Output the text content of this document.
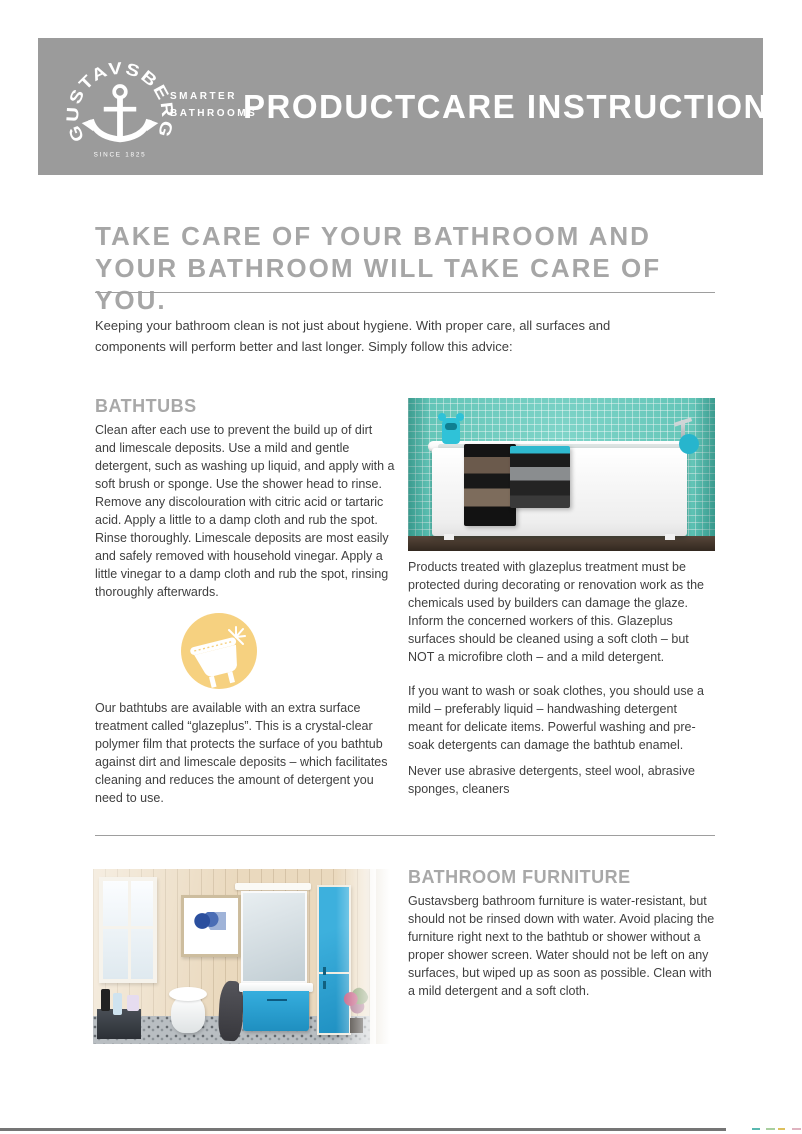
GUSTAVSBERG
SINCE 1825
SMARTER
BATHROOMS
PRODUCTCARE INSTRUCTIONS
TAKE CARE OF YOUR BATHROOM AND
YOUR BATHROOM WILL TAKE CARE OF YOU.

Keeping your bathroom clean is not just about hygiene. With proper care, all surfaces and components will perform better and last longer. Simply follow this advice:

BATHTUBS

Clean after each use to prevent the build up of dirt and limescale deposits. Use a mild and gentle detergent, such as washing up liquid, and apply with a soft brush or sponge. Use the shower head to rinse. Remove any discolouration with citric acid or tartaric acid. Apply a little to a damp cloth and rub the spot. Rinse thoroughly. Limescale deposits are most easily and safely removed with household vinegar. Apply a little vinegar to a damp cloth and rub the spot, rinsing thoroughly afterwards.

Our bathtubs are available with an extra surface treatment called “glazeplus”. This is a crystal-clear polymer film that protects the surface of you bathtub against dirt and limescale deposits – which facilitates cleaning and reduces the amount of detergent you need to use.

Products treated with glazeplus treatment must be protected during decorating or renovation work as the chemicals used by builders can damage the glaze. Inform the concerned workers of this. Glazeplus surfaces should be cleaned using a soft cloth – but NOT a microfibre cloth – and a mild detergent.

If you want to wash or soak clothes, you should use a mild – preferably liquid – handwashing detergent meant for delicate items. Powerful washing and pre-soak detergents can damage the bathtub enamel.

Never use abrasive detergents, steel wool, abrasive sponges, cleaners

BATHROOM FURNITURE

Gustavsberg bathroom furniture is water-resistant, but should not be rinsed down with water. Avoid placing the furniture right next to the bathtub or shower without a proper shower screen. Water should not be left on any surfaces, but wiped up as soon as possible. Clean with a mild detergent and a soft cloth.
